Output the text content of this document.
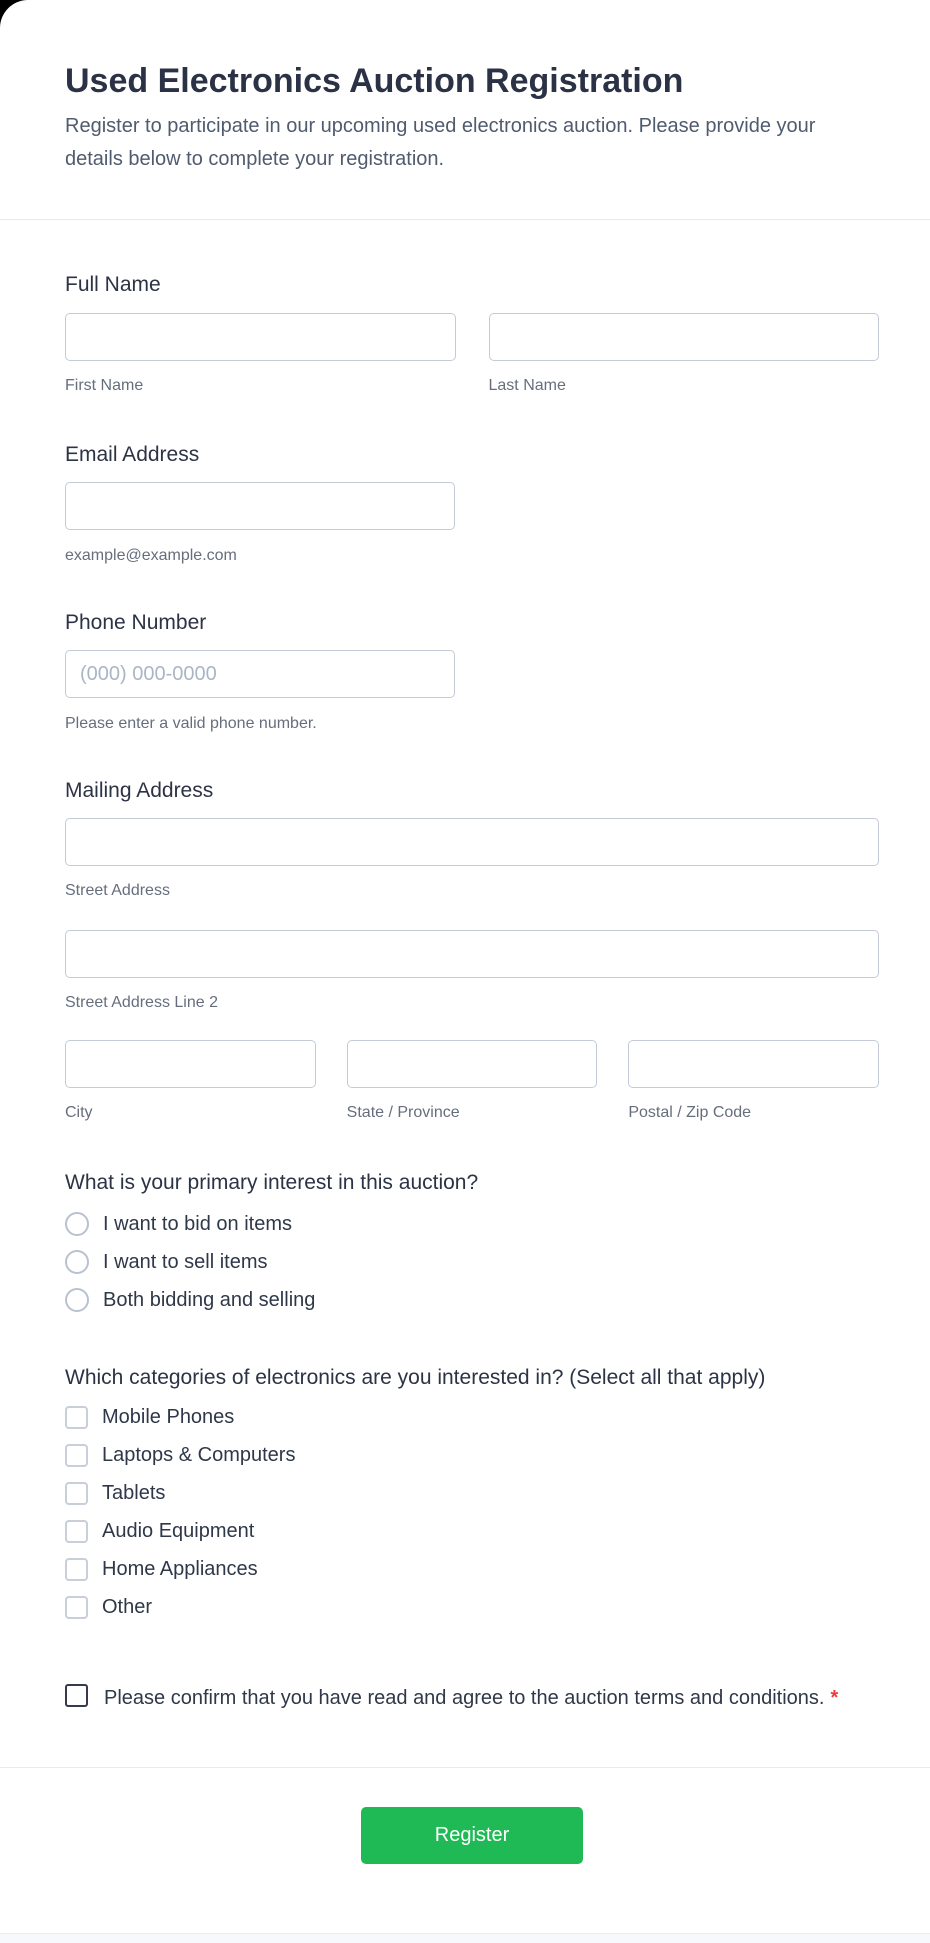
Used Electronics Auction Registration

Register to participate in our upcoming used electronics auction. Please provide your details below to complete your registration.

Full Name

First Name	Last Name

Email Address

example@example.com

Phone Number

(000) 000-0000

Please enter a valid phone number.

Mailing Address

Street Address

Street Address Line 2

City	State / Province	Postal / Zip Code

What is your primary interest in this auction?

I want to bid on items
I want to sell items
Both bidding and selling

Which categories of electronics are you interested in? (Select all that apply)

Mobile Phones
Laptops & Computers
Tablets
Audio Equipment
Home Appliances
Other
Please confirm that you have read and agree to the auction terms and conditions. *
Register
